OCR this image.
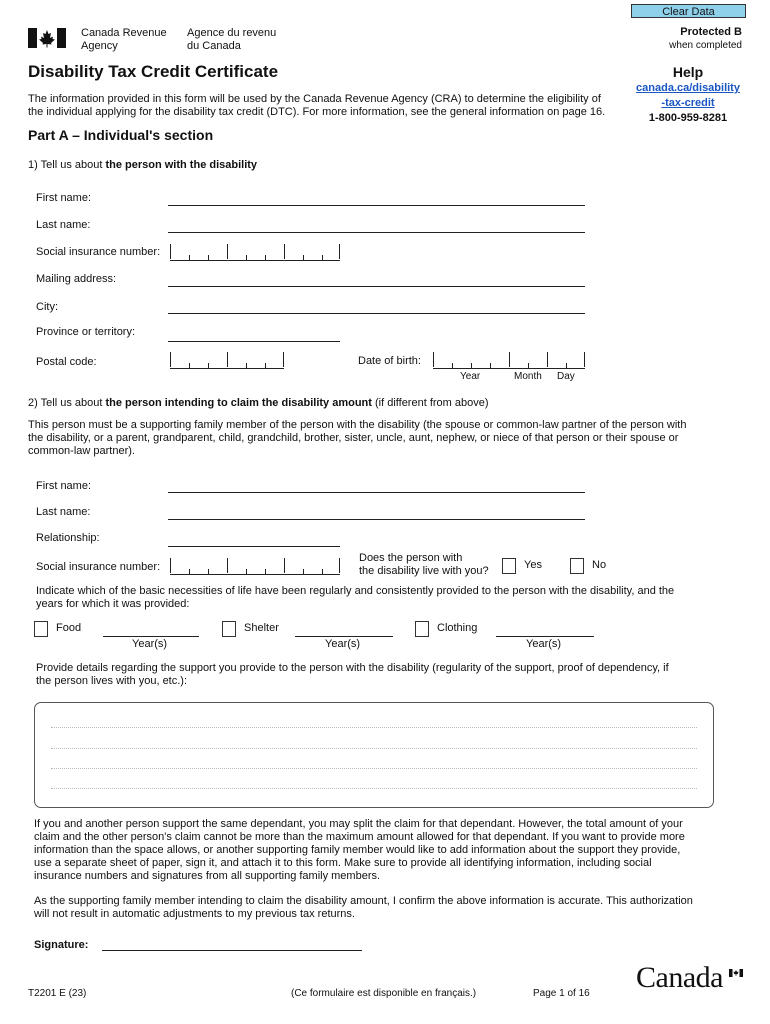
Clear Data
Canada Revenue
Agency
Agence du revenu
du Canada
Protected B
when completed
Disability Tax Credit Certificate
The information provided in this form will be used by the Canada Revenue Agency (CRA) to determine the eligibility of
the individual applying for the disability tax credit (DTC). For more information, see the general information on page 16.
Help
canada.ca/disability
-tax-credit
1-800-959-8281
Part A – Individual's section
1) Tell us about the person with the disability
First name:
Last name:
Social insurance number:
Mailing address:
City:
Province or territory:
Postal code:	Date of birth:
Year	Month Day
2) Tell us about the person intending to claim the disability amount (if different from above)
This person must be a supporting family member of the person with the disability (the spouse or common-law partner of the person with
the disability, or a parent, grandparent, child, grandchild, brother, sister, uncle, aunt, nephew, or niece of that person or their spouse or
common-law partner).
First name:
Last name:
Relationship:
Social insurance number:
Does the person with
the disability live with you?	Yes	No
Indicate which of the basic necessities of life have been regularly and consistently provided to the person with the disability, and the
years for which it was provided:
Food
Year(s)
Shelter
Year(s)
Clothing
Year(s)
Provide details regarding the support you provide to the person with the disability (regularity of the support, proof of dependency, if
the person lives with you, etc.):
If you and another person support the same dependant, you may split the claim for that dependant. However, the total amount of your
claim and the other person's claim cannot be more than the maximum amount allowed for that dependant. If you want to provide more
information than the space allows, or another supporting family member would like to add information about the support they provide,
use a separate sheet of paper, sign it, and attach it to this form. Make sure to provide all identifying information, including social
insurance numbers and signatures from all supporting family members.
As the supporting family member intending to claim the disability amount, I confirm the above information is accurate. This authorization
will not result in automatic adjustments to my previous tax returns.
Signature:
T2201 E (23)	(Ce formulaire est disponible en français.)	Page 1 of 16 Canada
